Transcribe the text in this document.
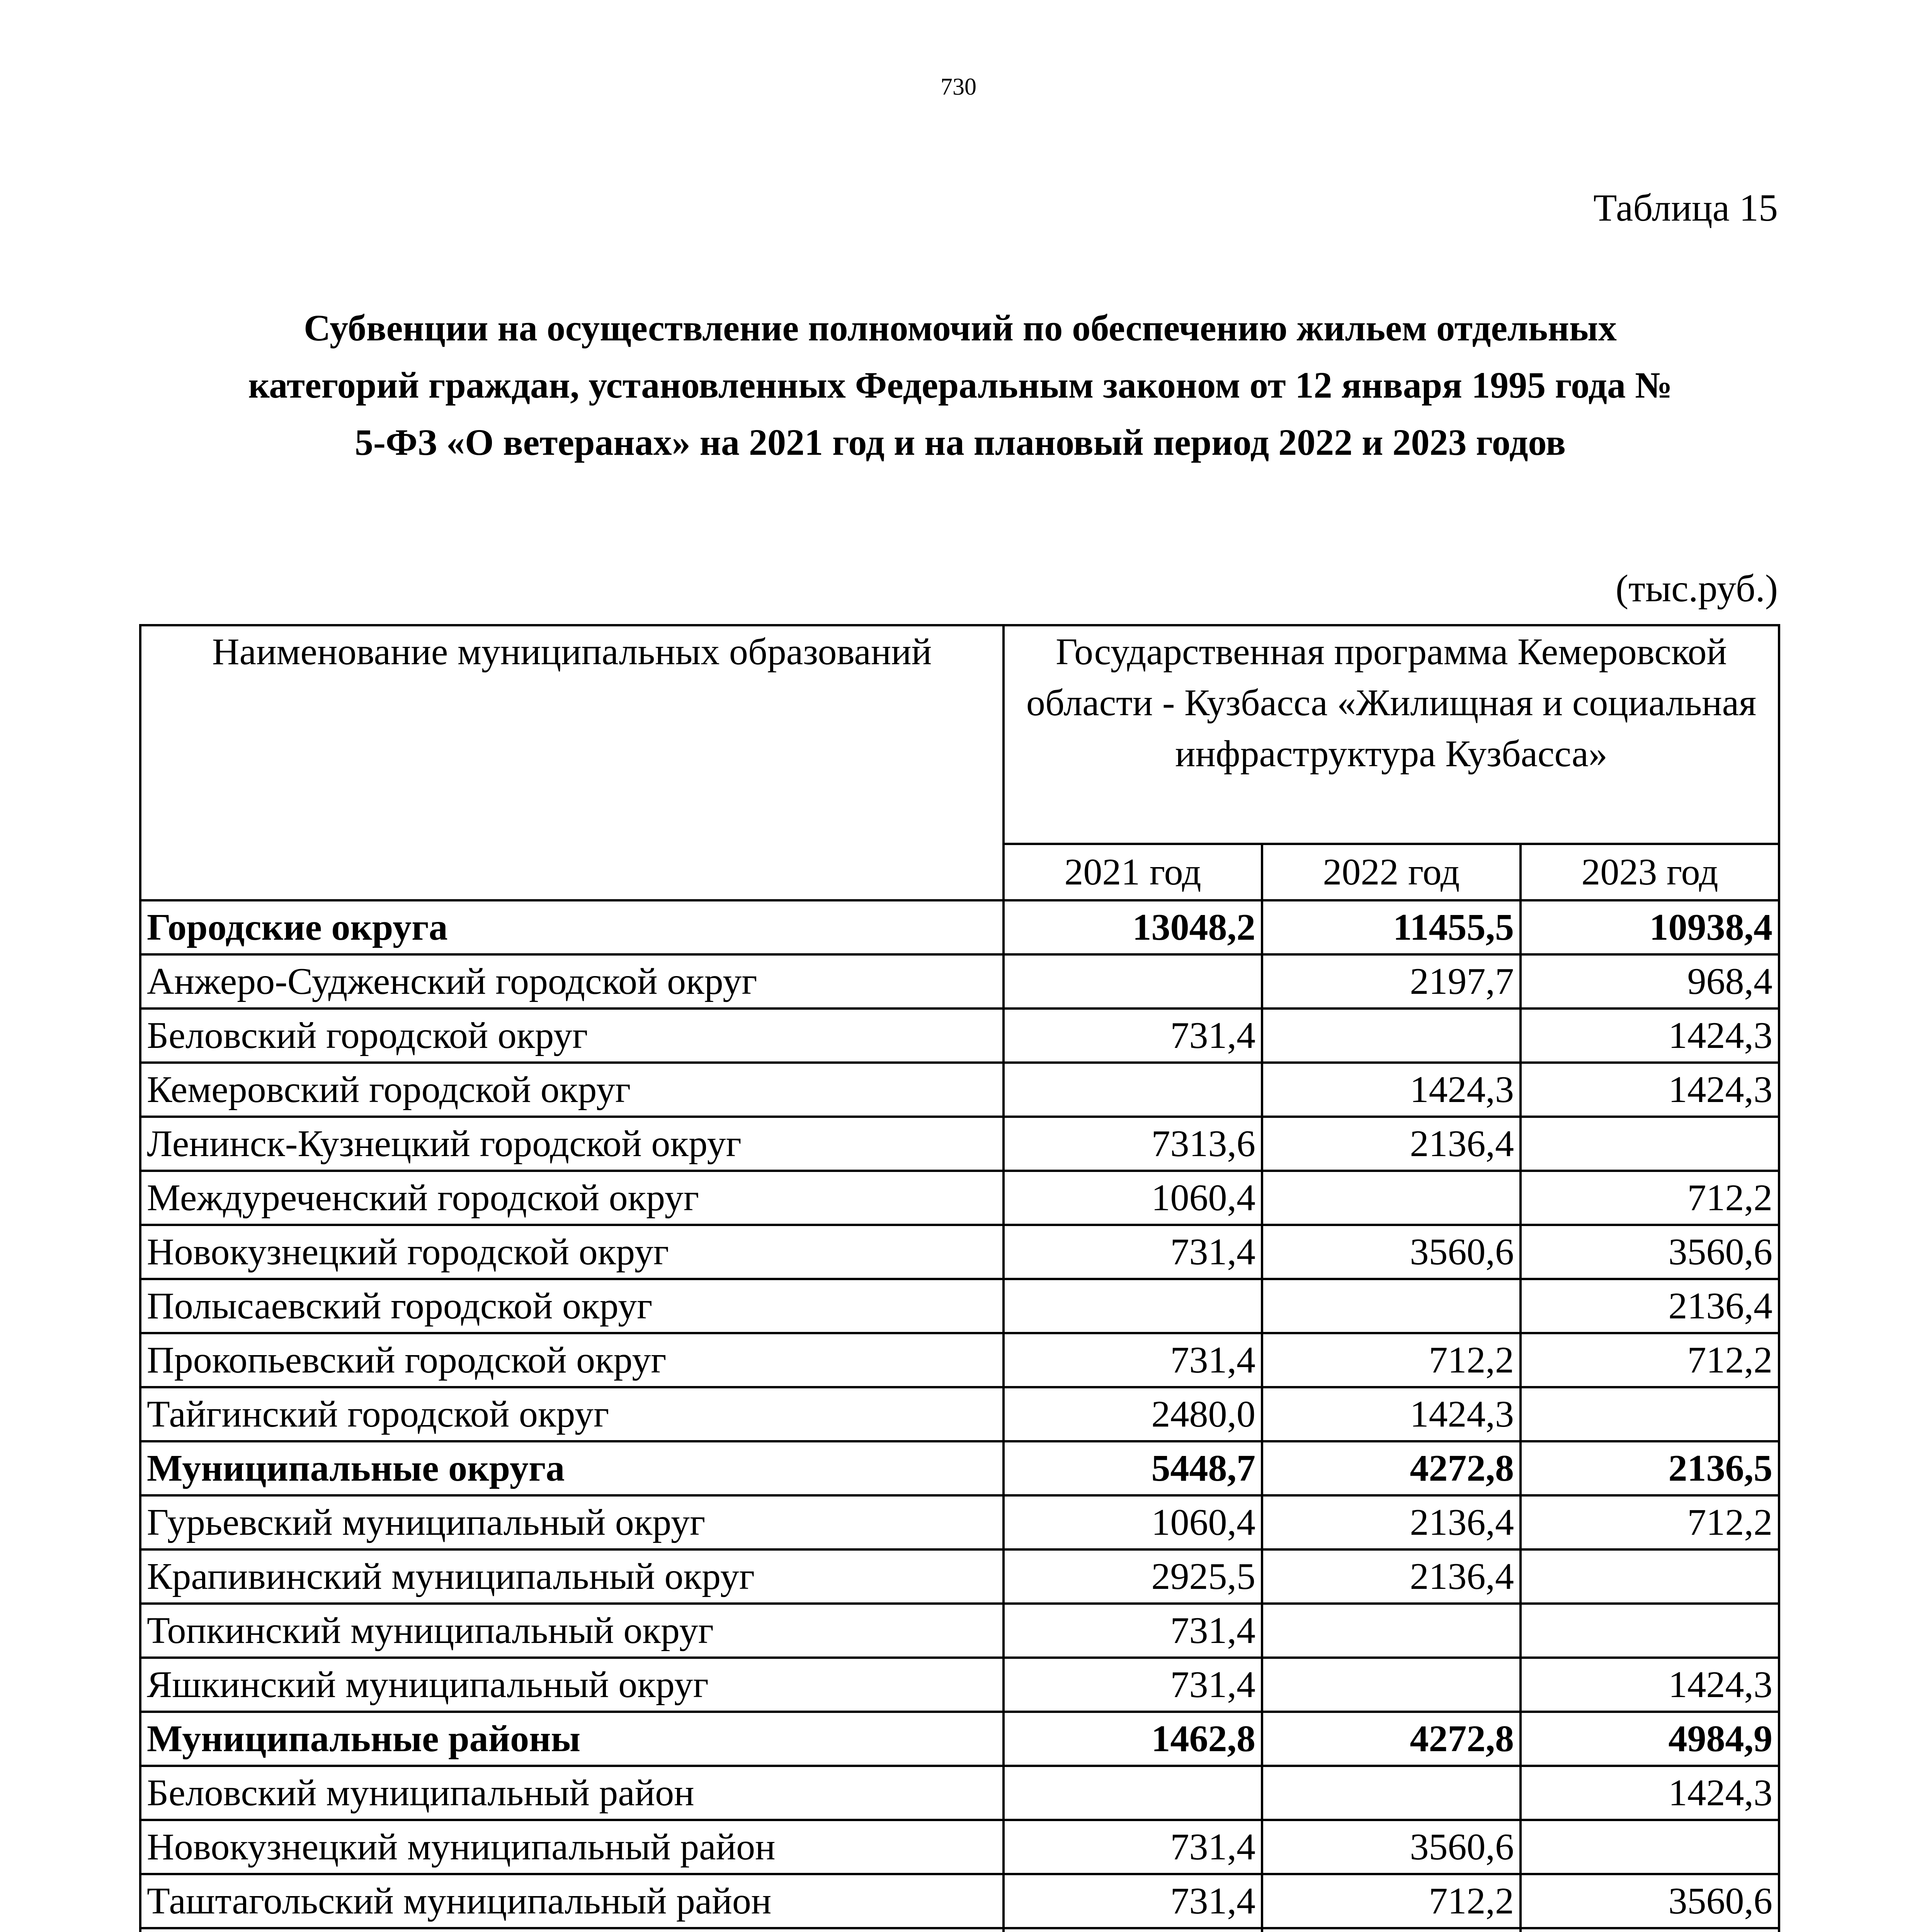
730
Таблица 15
Субвенции на осуществление полномочий по обеспечению жильем отдельных
категорий граждан, установленных Федеральным законом от 12 января 1995 года №
5-ФЗ «О ветеранах» на 2021 год и на плановый период 2022 и 2023 годов
(тыс.руб.)
Наименование муниципальных образований	Государственная программа Кемеровской области - Кузбасса «Жилищная и социальная инфраструктура Кузбасса»		
	2021 год	2022 год	2023 год
Городские округа	13048,2	11455,5	10938,4
Анжеро-Судженский городской округ		2197,7	968,4
Беловский городской округ	731,4		1424,3
Кемеровский городской округ		1424,3	1424,3
Ленинск-Кузнецкий городской округ	7313,6	2136,4	
Междуреченский городской округ	1060,4		712,2
Новокузнецкий городской округ	731,4	3560,6	3560,6
Полысаевский городской округ			2136,4
Прокопьевский городской округ	731,4	712,2	712,2
Тайгинский городской округ	2480,0	1424,3	
Муниципальные округа	5448,7	4272,8	2136,5
Гурьевский муниципальный округ	1060,4	2136,4	712,2
Крапивинский муниципальный округ	2925,5	2136,4	
Топкинский муниципальный округ	731,4		
Яшкинский муниципальный округ	731,4		1424,3
Муниципальные районы	1462,8	4272,8	4984,9
Беловский муниципальный район			1424,3
Новокузнецкий муниципальный район	731,4	3560,6	
Таштагольский муниципальный район	731,4	712,2	3560,6
